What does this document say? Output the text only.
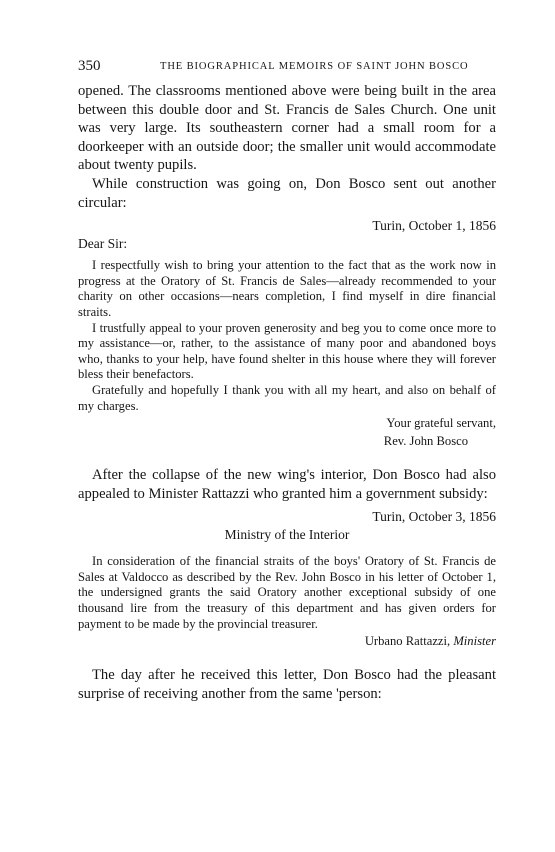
350	THE BIOGRAPHICAL MEMOIRS OF SAINT JOHN BOSCO

opened. The classrooms mentioned above were being built in the area between this double door and St. Francis de Sales Church. One unit was very large. Its southeastern corner had a small room for a doorkeeper with an outside door; the smaller unit would accommodate about twenty pupils.

While construction was going on, Don Bosco sent out another circular:

Turin, October 1, 1856

Dear Sir:

I respectfully wish to bring your attention to the fact that as the work now in progress at the Oratory of St. Francis de Sales—already recommended to your charity on other occasions—nears completion, I find myself in dire financial straits.

I trustfully appeal to your proven generosity and beg you to come once more to my assistance—or, rather, to the assistance of many poor and abandoned boys who, thanks to your help, have found shelter in this house where they will forever bless their benefactors.

Gratefully and hopefully I thank you with all my heart, and also on behalf of my charges.

Your grateful servant,

Rev. John Bosco

After the collapse of the new wing's interior, Don Bosco had also appealed to Minister Rattazzi who granted him a government subsidy:

Turin, October 3, 1856

Ministry of the Interior

In consideration of the financial straits of the boys' Oratory of St. Francis de Sales at Valdocco as described by the Rev. John Bosco in his letter of October 1, the undersigned grants the said Oratory another exceptional subsidy of one thousand lire from the treasury of this department and has given orders for payment to be made by the provincial treasurer.

Urbano Rattazzi, Minister

The day after he received this letter, Don Bosco had the pleasant surprise of receiving another from the same 'person:
